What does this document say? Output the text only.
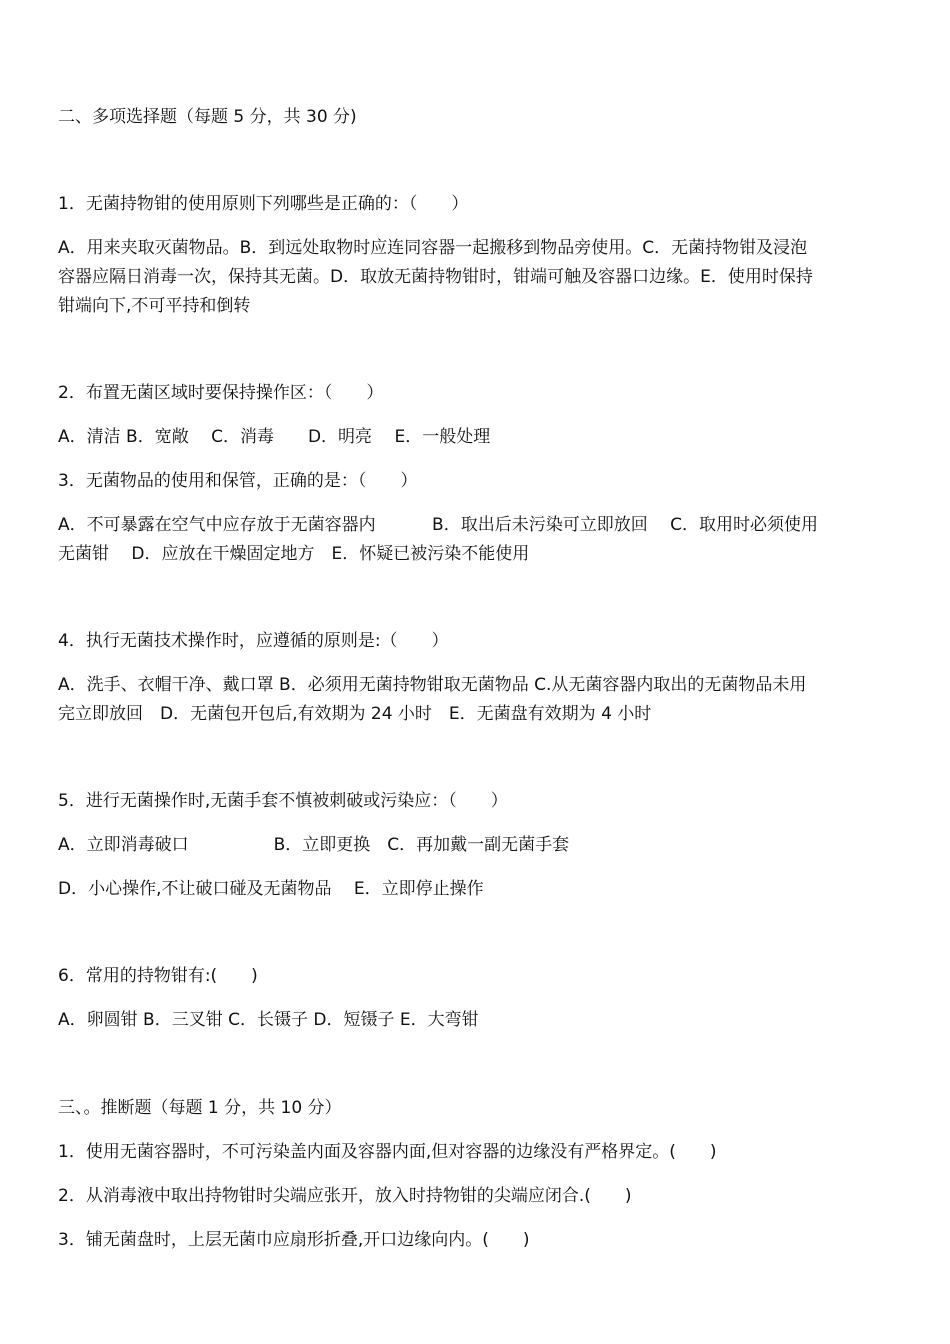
二、多项选择题（每题 5 分，共 30 分)
1．无菌持物钳的使用原则下列哪些是正确的：（　　）
A．用来夹取灭菌物品。B．到远处取物时应连同容器一起搬移到物品旁使用。C．无菌持物钳及浸泡
容器应隔日消毒一次，保持其无菌。D．取放无菌持物钳时，钳端可触及容器口边缘。E．使用时保持
钳端向下,不可平持和倒转
2．布置无菌区域时要保持操作区：（　　）
A．清洁 B．宽敞　 C．消毒　　D．明亮　 E．一般处理
3．无菌物品的使用和保管，正确的是：（　　）
A．不可暴露在空气中应存放于无菌容器内　　　 B．取出后未污染可立即放回　 C．取用时必须使用
无菌钳　 D．应放在干燥固定地方　E．怀疑已被污染不能使用
4．执行无菌技术操作时，应遵循的原则是:（　　）
A．洗手、衣帽干净、戴口罩 B．必须用无菌持物钳取无菌物品 C.从无菌容器内取出的无菌物品未用
完立即放回　D．无菌包开包后,有效期为 24 小时　E．无菌盘有效期为 4 小时
5．进行无菌操作时,无菌手套不慎被刺破或污染应：（　　）
A．立即消毒破口　　　　　B．立即更换　C．再加戴一副无菌手套
D．小心操作,不让破口碰及无菌物品　 E．立即停止操作
6．常用的持物钳有:(　　)
A．卵圆钳 B．三叉钳 C．长镊子 D．短镊子 E．大弯钳
三、。推断题（每题 1 分，共 10 分）
1．使用无菌容器时，不可污染盖内面及容器内面,但对容器的边缘没有严格界定。(　　)
2．从消毒液中取出持物钳时尖端应张开，放入时持物钳的尖端应闭合.(　　)
3．铺无菌盘时，上层无菌巾应扇形折叠,开口边缘向内。(　　)
